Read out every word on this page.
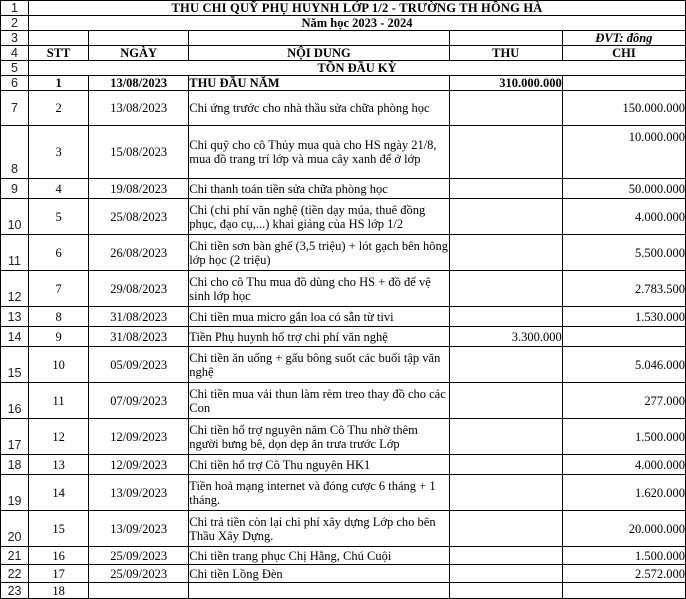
1	THU CHI QUỸ PHỤ HUYNH LỚP 1/2 - TRƯỜNG TH HỒNG HÀ				
2	Năm học 2023 - 2024				
3					ĐVT: đồng
4	STT	NGÀY	NỘI DUNG	THU	CHI
5	TỒN ĐẦU KỲ				
6	1	13/08/2023	THU ĐẦU NĂM	310.000.000	
7	2	13/08/2023	Chi ứng trước cho nhà thầu sửa chữa phòng học		150.000.000
8	3	15/08/2023	Chi quỹ cho cô Thủy mua quà cho HS ngày 21/8, mua đồ trang trí lớp và mua cây xanh để ở lớp		10.000.000
9	4	19/08/2023	Chi thanh toán tiền sửa chữa phòng học		50.000.000
10	5	25/08/2023	Chi (chi phí văn nghệ (tiền dạy múa, thuê đồng phục, đạo cụ,...) khai giảng của HS lớp 1/2		4.000.000
11	6	26/08/2023	Chi tiền sơn bàn ghế (3,5 triệu) + lót gạch bên hông lớp học (2 triệu)		5.500.000
12	7	29/08/2023	Chi cho cô Thu mua đồ dùng cho HS + đồ để vệ sinh lớp học		2.783.500
13	8	31/08/2023	Chi tiền mua micro gắn loa có sẵn từ tivi		1.530.000
14	9	31/08/2023	Tiền Phụ huynh hổ trợ chi phí văn nghệ	3.300.000	
15	10	05/09/2023	Chi tiền ăn uống + gấu bông suốt các buổi tập văn nghệ		5.046.000
16	11	07/09/2023	Chi tiền mua vải thun làm rèm treo thay đồ cho các Con		277.000
17	12	12/09/2023	Chi tiền hổ trợ nguyên năm Cô Thu nhờ thêm người bưng bê, dọn dẹp ăn trưa trước Lớp		1.500.000
18	13	12/09/2023	Chi tiền hổ trợ Cô Thu nguyên HK1		4.000.000
19	14	13/09/2023	Tiền hoả mạng internet và đóng cược 6 tháng + 1 tháng.		1.620.000
20	15	13/09/2023	Chi trả tiền còn lại chi phí xây dựng Lớp cho bên Thầu Xây Dựng.		20.000.000
21	16	25/09/2023	Chi tiền trang phục Chị Hằng, Chú Cuội		1.500.000
22	17	25/09/2023	Chi tiền Lồng Đèn		2.572.000
23	18				
